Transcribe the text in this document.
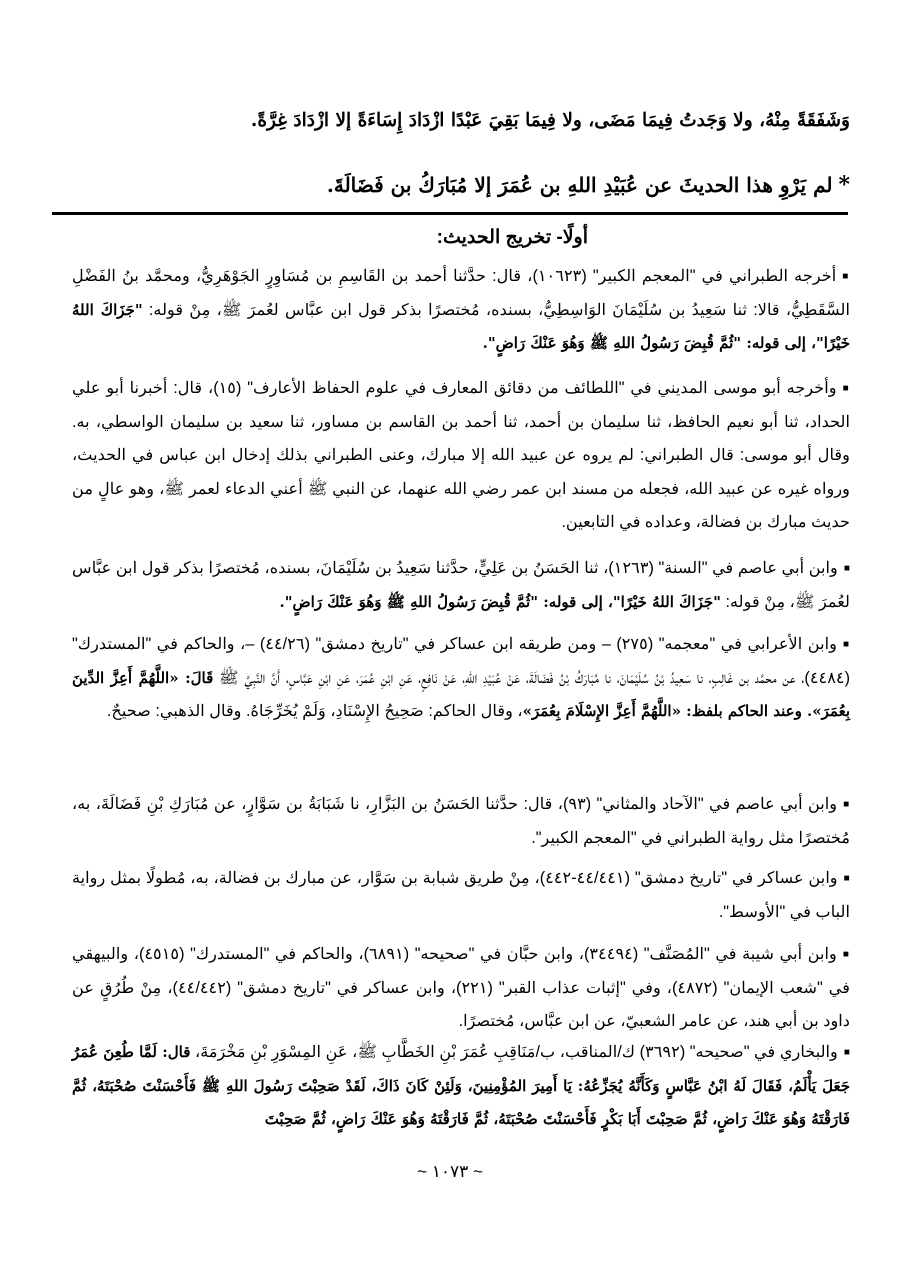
وَشَفَقَةً مِنْهُ، ولا وَجَدتُ فِيمَا مَضَى، ولا فِيمَا بَقِيَ عَبْدًا ازْدَادَ إِسَاءَةً إلا ازْدَادَ غِرَّةً.
*لم يَرْوِ هذا الحديثَ عن عُبَيْدِ اللهِ بن عُمَرَ إلا مُبَارَكُ بن فَضَالَةَ.
أولًا- تخريج الحديث:
■أخرجه الطبراني في "المعجم الكبير" (١٠٦٢٣)، قال: حدَّثنا أحمد بن القَاسِمِ بن مُسَاوِرٍ الجَوْهَرِيُّ، ومحمَّد بنُ الفَضْلِ السَّقَطِيُّ، قالا: ثنا سَعِيدُ بن سُلَيْمَانَ الوَاسِطِيُّ، بسنده، مُختصرًا بذكر قول ابن عبَّاس لعُمرَ ﷺ، مِنْ قوله: "جَزَاكَ اللهُ خَيْرًا"، إلى قوله: "ثُمَّ قُبِضَ رَسُولُ اللهِ ﷺ وَهُوَ عَنْكَ رَاضٍ".
■وأخرجه أبو موسى المديني في "اللطائف من دقائق المعارف في علوم الحفاظ الأعارف" (١٥)، قال: أخبرنا أبو علي الحداد، ثنا أبو نعيم الحافظ، ثنا سليمان بن أحمد، ثنا أحمد بن القاسم بن مساور، ثنا سعيد بن سليمان الواسطي، به. وقال أبو موسى: قال الطبراني: لم يروه عن عبيد الله إلا مبارك، وعنى الطبراني بذلك إدخال ابن عباس في الحديث، ورواه غيره عن عبيد الله، فجعله من مسند ابن عمر رضي الله عنهما، عن النبي ﷺ أعني الدعاء لعمر ﷺ، وهو عالٍ من حديث مبارك بن فضالة، وعداده في التابعين.
■وابن أبي عاصم في "السنة" (١٢٦٣)، ثنا الحَسَنُ بن عَلِيٍّ، حدَّثنا سَعِيدُ بن سُلَيْمَانَ، بسنده، مُختصرًا بذكر قول ابن عبَّاس لعُمرَ ﷺ، مِنْ قوله: "جَزَاكَ اللهُ خَيْرًا"، إلى قوله: "ثُمَّ قُبِضَ رَسُولُ اللهِ ﷺ وَهُوَ عَنْكَ رَاضٍ".
■وابن الأعرابي في "معجمه" (٢٧٥) – ومن طريقه ابن عساكر في "تاريخ دمشق" (٤٤/٢٦) –، والحاكم في "المستدرك" (٤٤٨٤)، عن محمَّد بن غَالِبٍ، نا سَعِيدُ بْنُ سُلَيْمَانَ، نا مُبَارَكُ بْنُ فَضَالَةَ، عَنْ عُبَيْدِ اللهِ، عَنْ نَافِعٍ، عَنِ ابْنِ عُمَرَ، عَنِ ابْنِ عَبَّاسٍ، أَنَّ النَّبِيَّ ﷺ قَالَ: «اللَّهُمَّ أَعِزَّ الدِّينَ بِعُمَرَ». وعند الحاكم بلفظ: «اللَّهُمَّ أَعِزَّ الإِسْلَامَ بِعُمَرَ»، وقال الحاكم: صَحِيحُ الإِسْنَادِ، وَلَمْ يُخَرِّجَاهُ. وقال الذهبي: صحيحٌ.
■وابن أبي عاصم في "الآحاد والمثاني" (٩٣)، قال: حدَّثنا الحَسَنُ بن البَزَّارِ، نا شَبَابَةُ بن سَوَّارٍ، عن مُبَارَكِ بْنِ فَضَالَةَ، به، مُختصرًا مثل رواية الطبراني في "المعجم الكبير".
■وابن عساكر في "تاريخ دمشق" (٤٤/٤٤١-٤٤٢)، مِنْ طريق شبابة بن سَوَّار، عن مبارك بن فضالة، به، مُطولًا بمثل رواية الباب في "الأوسط".
■وابن أبي شيبة في "المُصَنَّف" (٣٤٤٩٤)، وابن حبَّان في "صحيحه" (٦٨٩١)، والحاكم في "المستدرك" (٤٥١٥)، والبيهقي في "شعب الإيمان" (٤٨٧٢)، وفي "إثبات عذاب القبر" (٢٢١)، وابن عساكر في "تاريخ دمشق" (٤٤/٤٤٢)، مِنْ طُرُقٍ عن داود بن أبي هند، عن عامر الشعبيّ، عن ابن عبَّاس، مُختصرًا.
■والبخاري في "صحيحه" (٣٦٩٢) ك/المناقب، ب/مَنَاقِبِ عُمَرَ بْنِ الخَطَّابِ ﷺ، عَنِ المِسْوَرِ بْنِ مَخْرَمَةَ، قال: لَمَّا طُعِنَ عُمَرُ جَعَلَ يَأْلَمُ، فَقَالَ لَهُ ابْنُ عَبَّاسٍ وَكَأَنَّهُ يُجَزِّعُهُ: يَا أَمِيرَ المُؤْمِنِينَ، وَلَئِنْ كَانَ ذَاكَ، لَقَدْ صَحِبْتَ رَسُولَ اللهِ ﷺ فَأَحْسَنْتَ صُحْبَتَهُ، ثُمَّ فَارَقْتَهُ وَهُوَ عَنْكَ رَاضٍ، ثُمَّ صَحِبْتَ أَبَا بَكْرٍ فَأَحْسَنْتَ صُحْبَتَهُ، ثُمَّ فَارَقْتَهُ وَهُوَ عَنْكَ رَاضٍ، ثُمَّ صَحِبْتَ
~ ١٠٧٣ ~
